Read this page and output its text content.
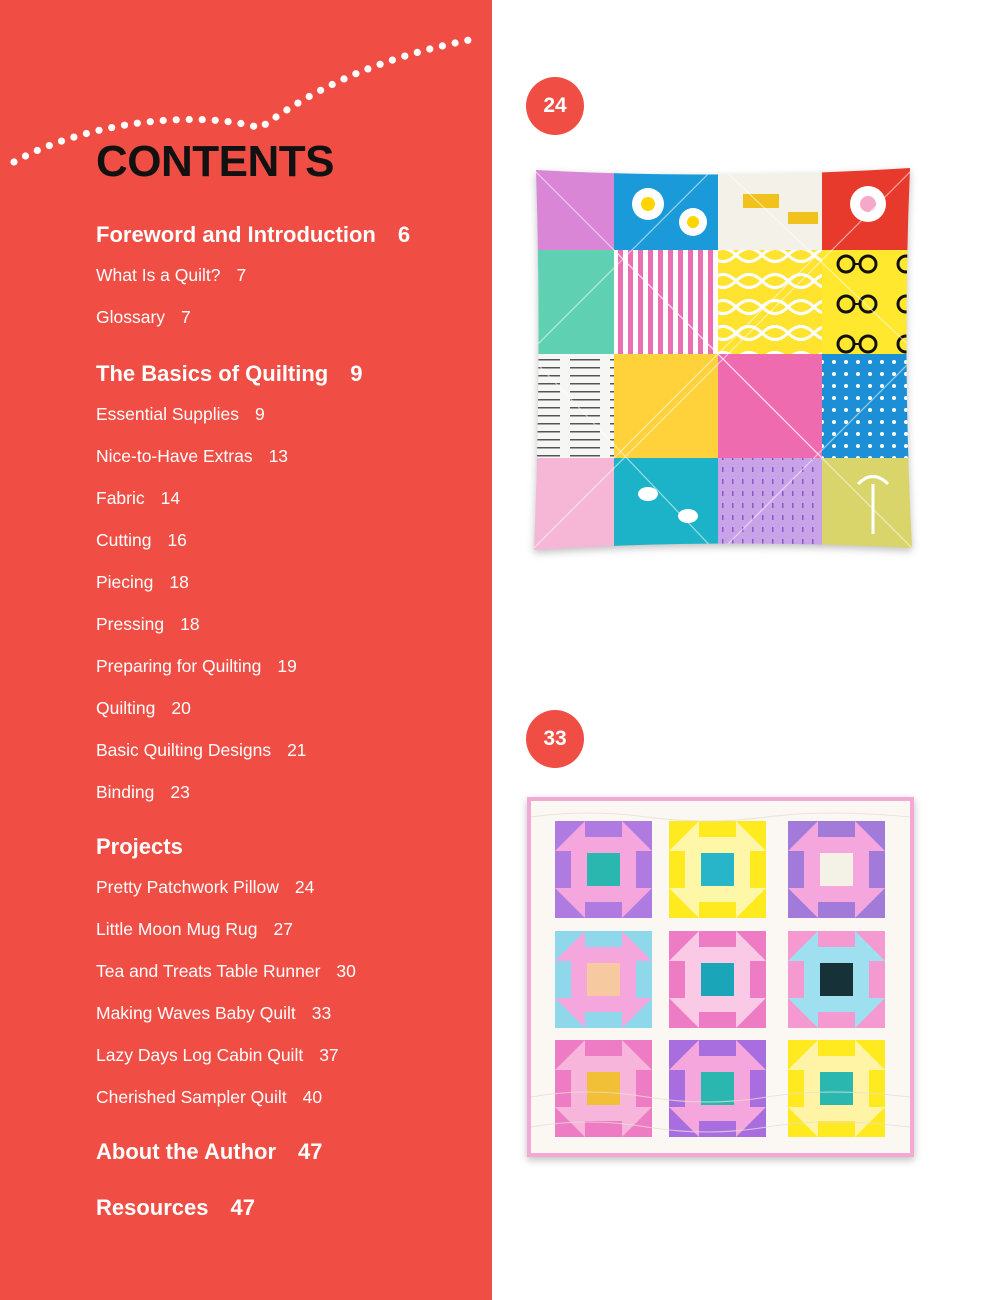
CONTENTS
Foreword and Introduction 6
What Is a Quilt? 7
Glossary 7
The Basics of Quilting 9
Essential Supplies 9
Nice-to-Have Extras 13
Fabric 14
Cutting 16
Piecing 18
Pressing 18
Preparing for Quilting 19
Quilting 20
Basic Quilting Designs 21
Binding 23
Projects
Pretty Patchwork Pillow 24
Little Moon Mug Rug 27
Tea and Treats Table Runner 30
Making Waves Baby Quilt 33
Lazy Days Log Cabin Quilt 37
Cherished Sampler Quilt 40
About the Author 47
Resources 47
24
33
